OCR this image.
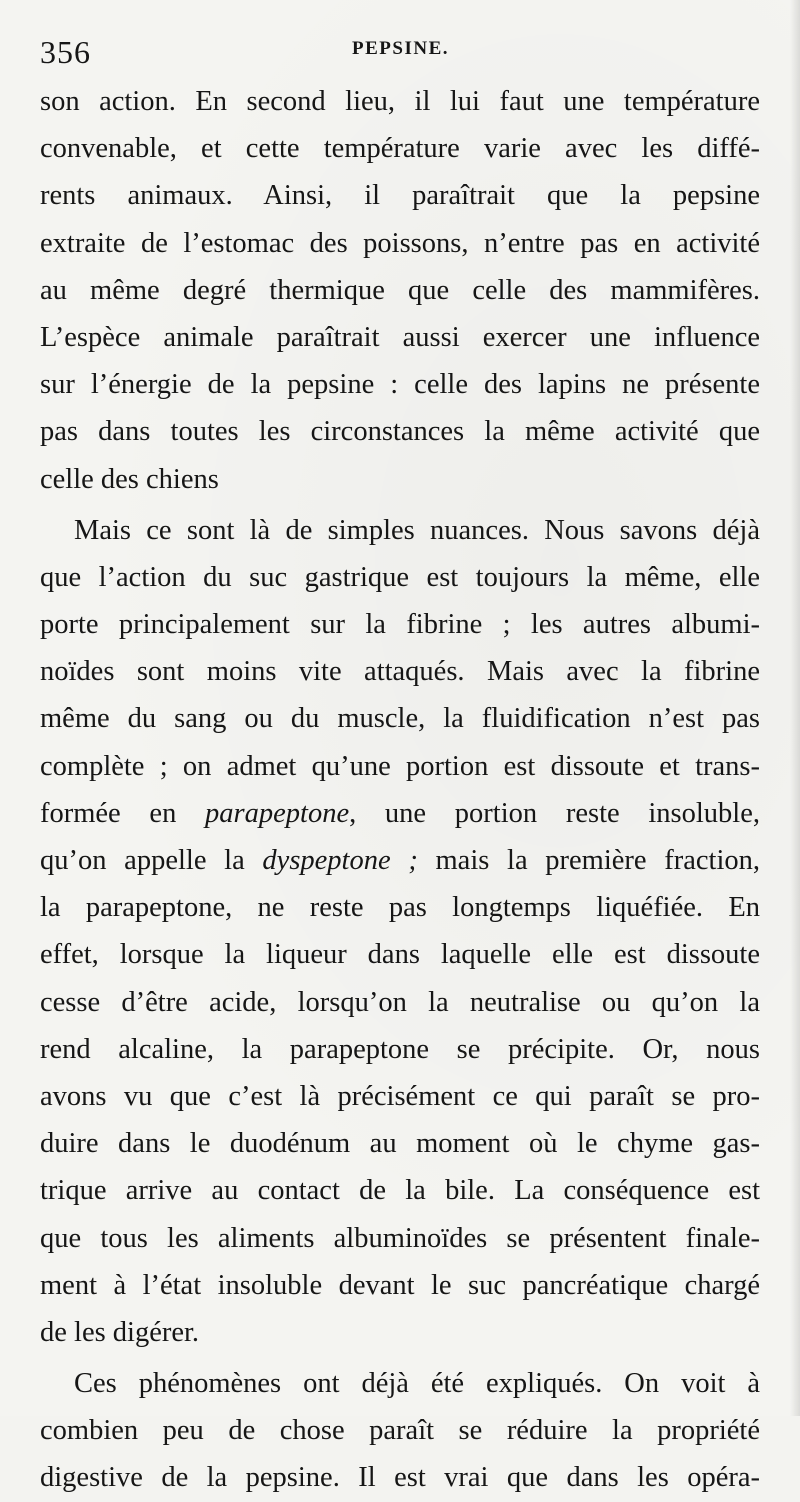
356	PEPSINE.
son action. En second lieu, il lui faut une température
convenable, et cette température varie avec les diffé-
rents animaux. Ainsi, il paraîtrait que la pepsine
extraite de l’estomac des poissons, n’entre pas en activité
au même degré thermique que celle des mammifères.
L’espèce animale paraîtrait aussi exercer une influence
sur l’énergie de la pepsine : celle des lapins ne présente
pas dans toutes les circonstances la même activité que
celle des chiens
Mais ce sont là de simples nuances. Nous savons déjà
que l’action du suc gastrique est toujours la même, elle
porte principalement sur la fibrine ; les autres albumi-
noïdes sont moins vite attaqués. Mais avec la fibrine
même du sang ou du muscle, la fluidification n’est pas
complète ; on admet qu’une portion est dissoute et trans-
formée en parapeptone, une portion reste insoluble,
qu’on appelle la dyspeptone ; mais la première fraction,
la parapeptone, ne reste pas longtemps liquéfiée. En
effet, lorsque la liqueur dans laquelle elle est dissoute
cesse d’être acide, lorsqu’on la neutralise ou qu’on la
rend alcaline, la parapeptone se précipite. Or, nous
avons vu que c’est là précisément ce qui paraît se pro-
duire dans le duodénum au moment où le chyme gas-
trique arrive au contact de la bile. La conséquence est
que tous les aliments albuminoïdes se présentent finale-
ment à l’état insoluble devant le suc pancréatique chargé
de les digérer.
Ces phénomènes ont déjà été expliqués. On voit à
combien peu de chose paraît se réduire la propriété
digestive de la pepsine. Il est vrai que dans les opéra-
